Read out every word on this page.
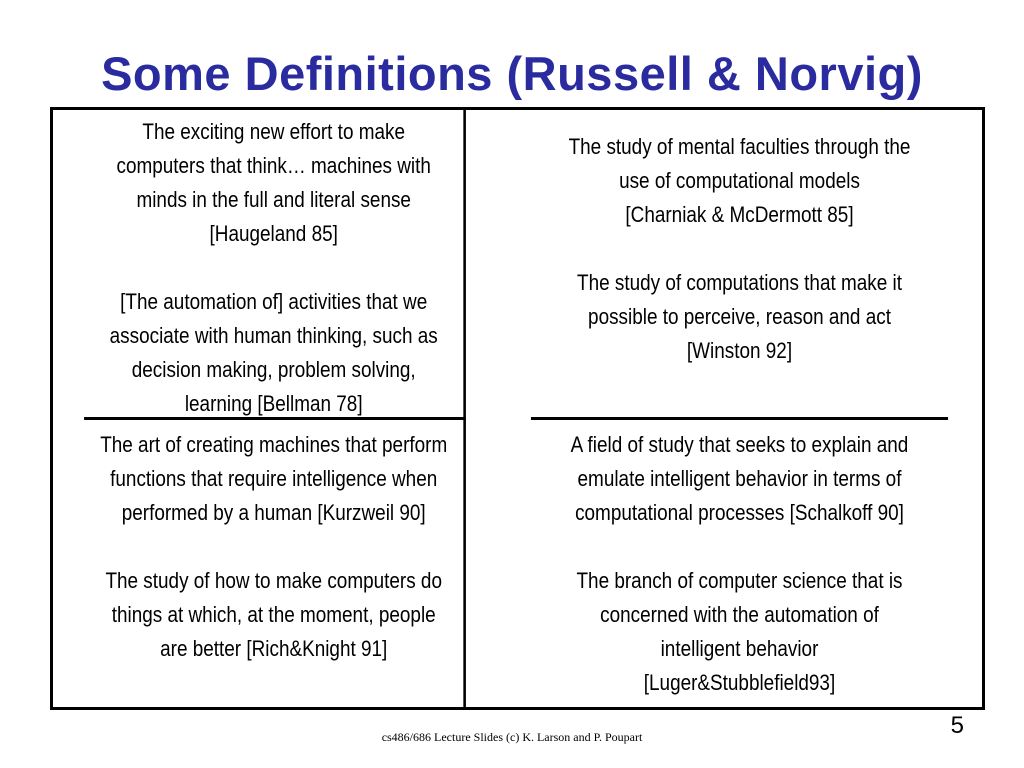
Some Definitions (Russell & Norvig)

The exciting new effort to make

computers that think… machines with

minds in the full and literal sense

[Haugeland 85]

[The automation of] activities that we

associate with human thinking, such as

decision making, problem solving,

learning [Bellman 78]

The study of mental faculties through the

use of computational models

[Charniak & McDermott 85]

The study of computations that make it

possible to perceive, reason and act

[Winston 92]

The art of creating machines that perform

functions that require intelligence when

performed by a human [Kurzweil 90]

The study of how to make computers do

things at which, at the moment, people

are better [Rich&Knight 91]

A field of study that seeks to explain and

emulate intelligent behavior in terms of

computational processes [Schalkoff 90]

The branch of computer science that is

concerned with the automation of

intelligent behavior

[Luger&Stubblefield93]

cs486/686 Lecture Slides (c) K. Larson and P. Poupart	5
